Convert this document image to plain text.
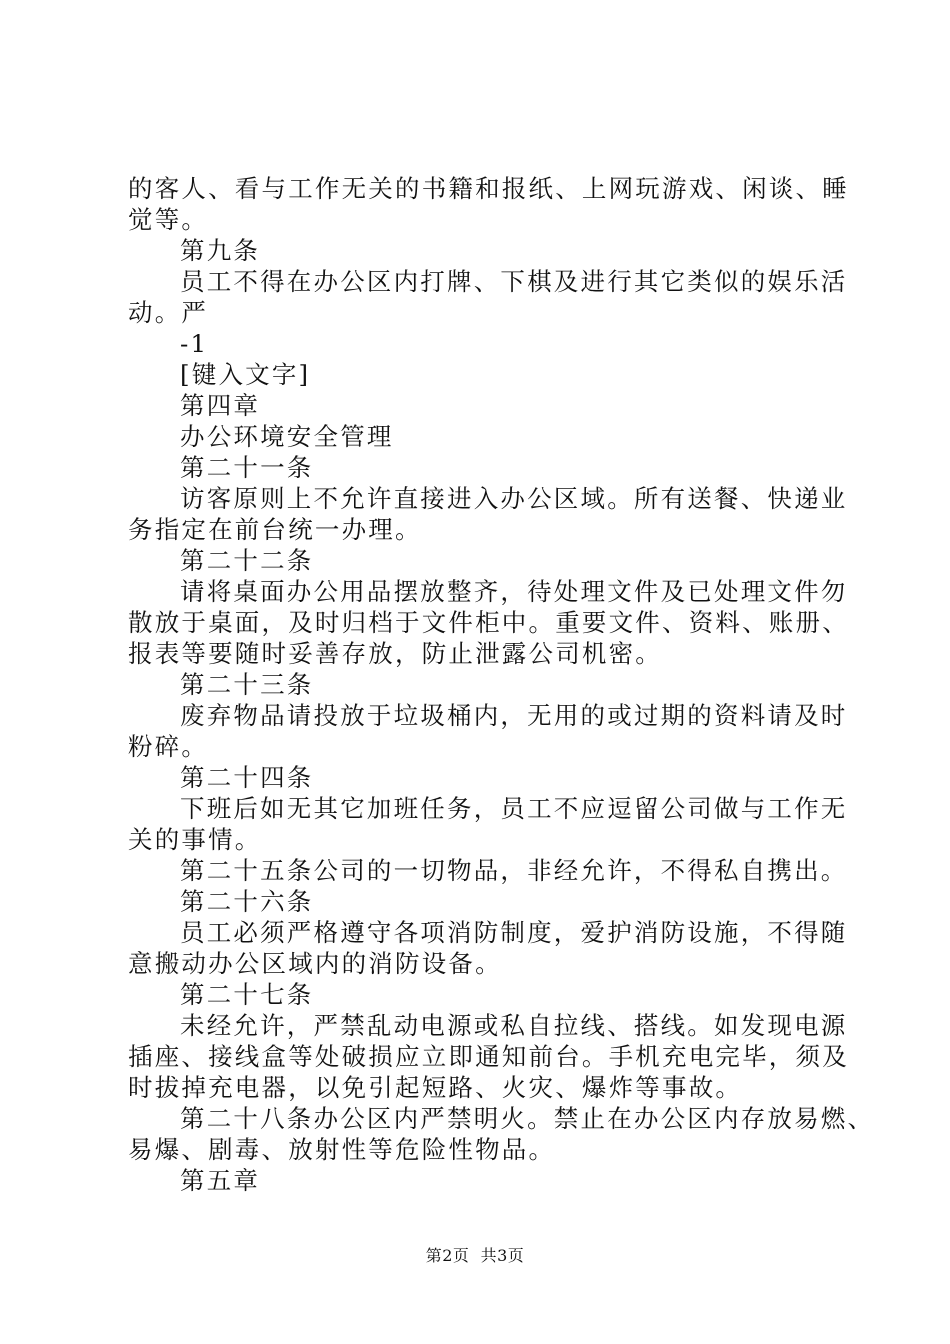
的客人、看与工作无关的书籍和报纸、上网玩游戏、闲谈、睡
觉等。
第九条
员工不得在办公区内打牌、下棋及进行其它类似的娱乐活
动。严
-1
[键入文字]
第四章
办公环境安全管理
第二十一条
访客原则上不允许直接进入办公区域。所有送餐、快递业
务指定在前台统一办理。
第二十二条
请将桌面办公用品摆放整齐，待处理文件及已处理文件勿
散放于桌面，及时归档于文件柜中。重要文件、资料、账册、
报表等要随时妥善存放，防止泄露公司机密。
第二十三条
废弃物品请投放于垃圾桶内，无用的或过期的资料请及时
粉碎。
第二十四条
下班后如无其它加班任务，员工不应逗留公司做与工作无
关的事情。
第二十五条公司的一切物品，非经允许，不得私自携出。
第二十六条
员工必须严格遵守各项消防制度，爱护消防设施，不得随
意搬动办公区域内的消防设备。
第二十七条
未经允许，严禁乱动电源或私自拉线、搭线。如发现电源
插座、接线盒等处破损应立即通知前台。手机充电完毕，须及
时拔掉充电器，以免引起短路、火灾、爆炸等事故。
第二十八条办公区内严禁明火。禁止在办公区内存放易燃、
易爆、剧毒、放射性等危险性物品。
第五章
第2页  共3页
